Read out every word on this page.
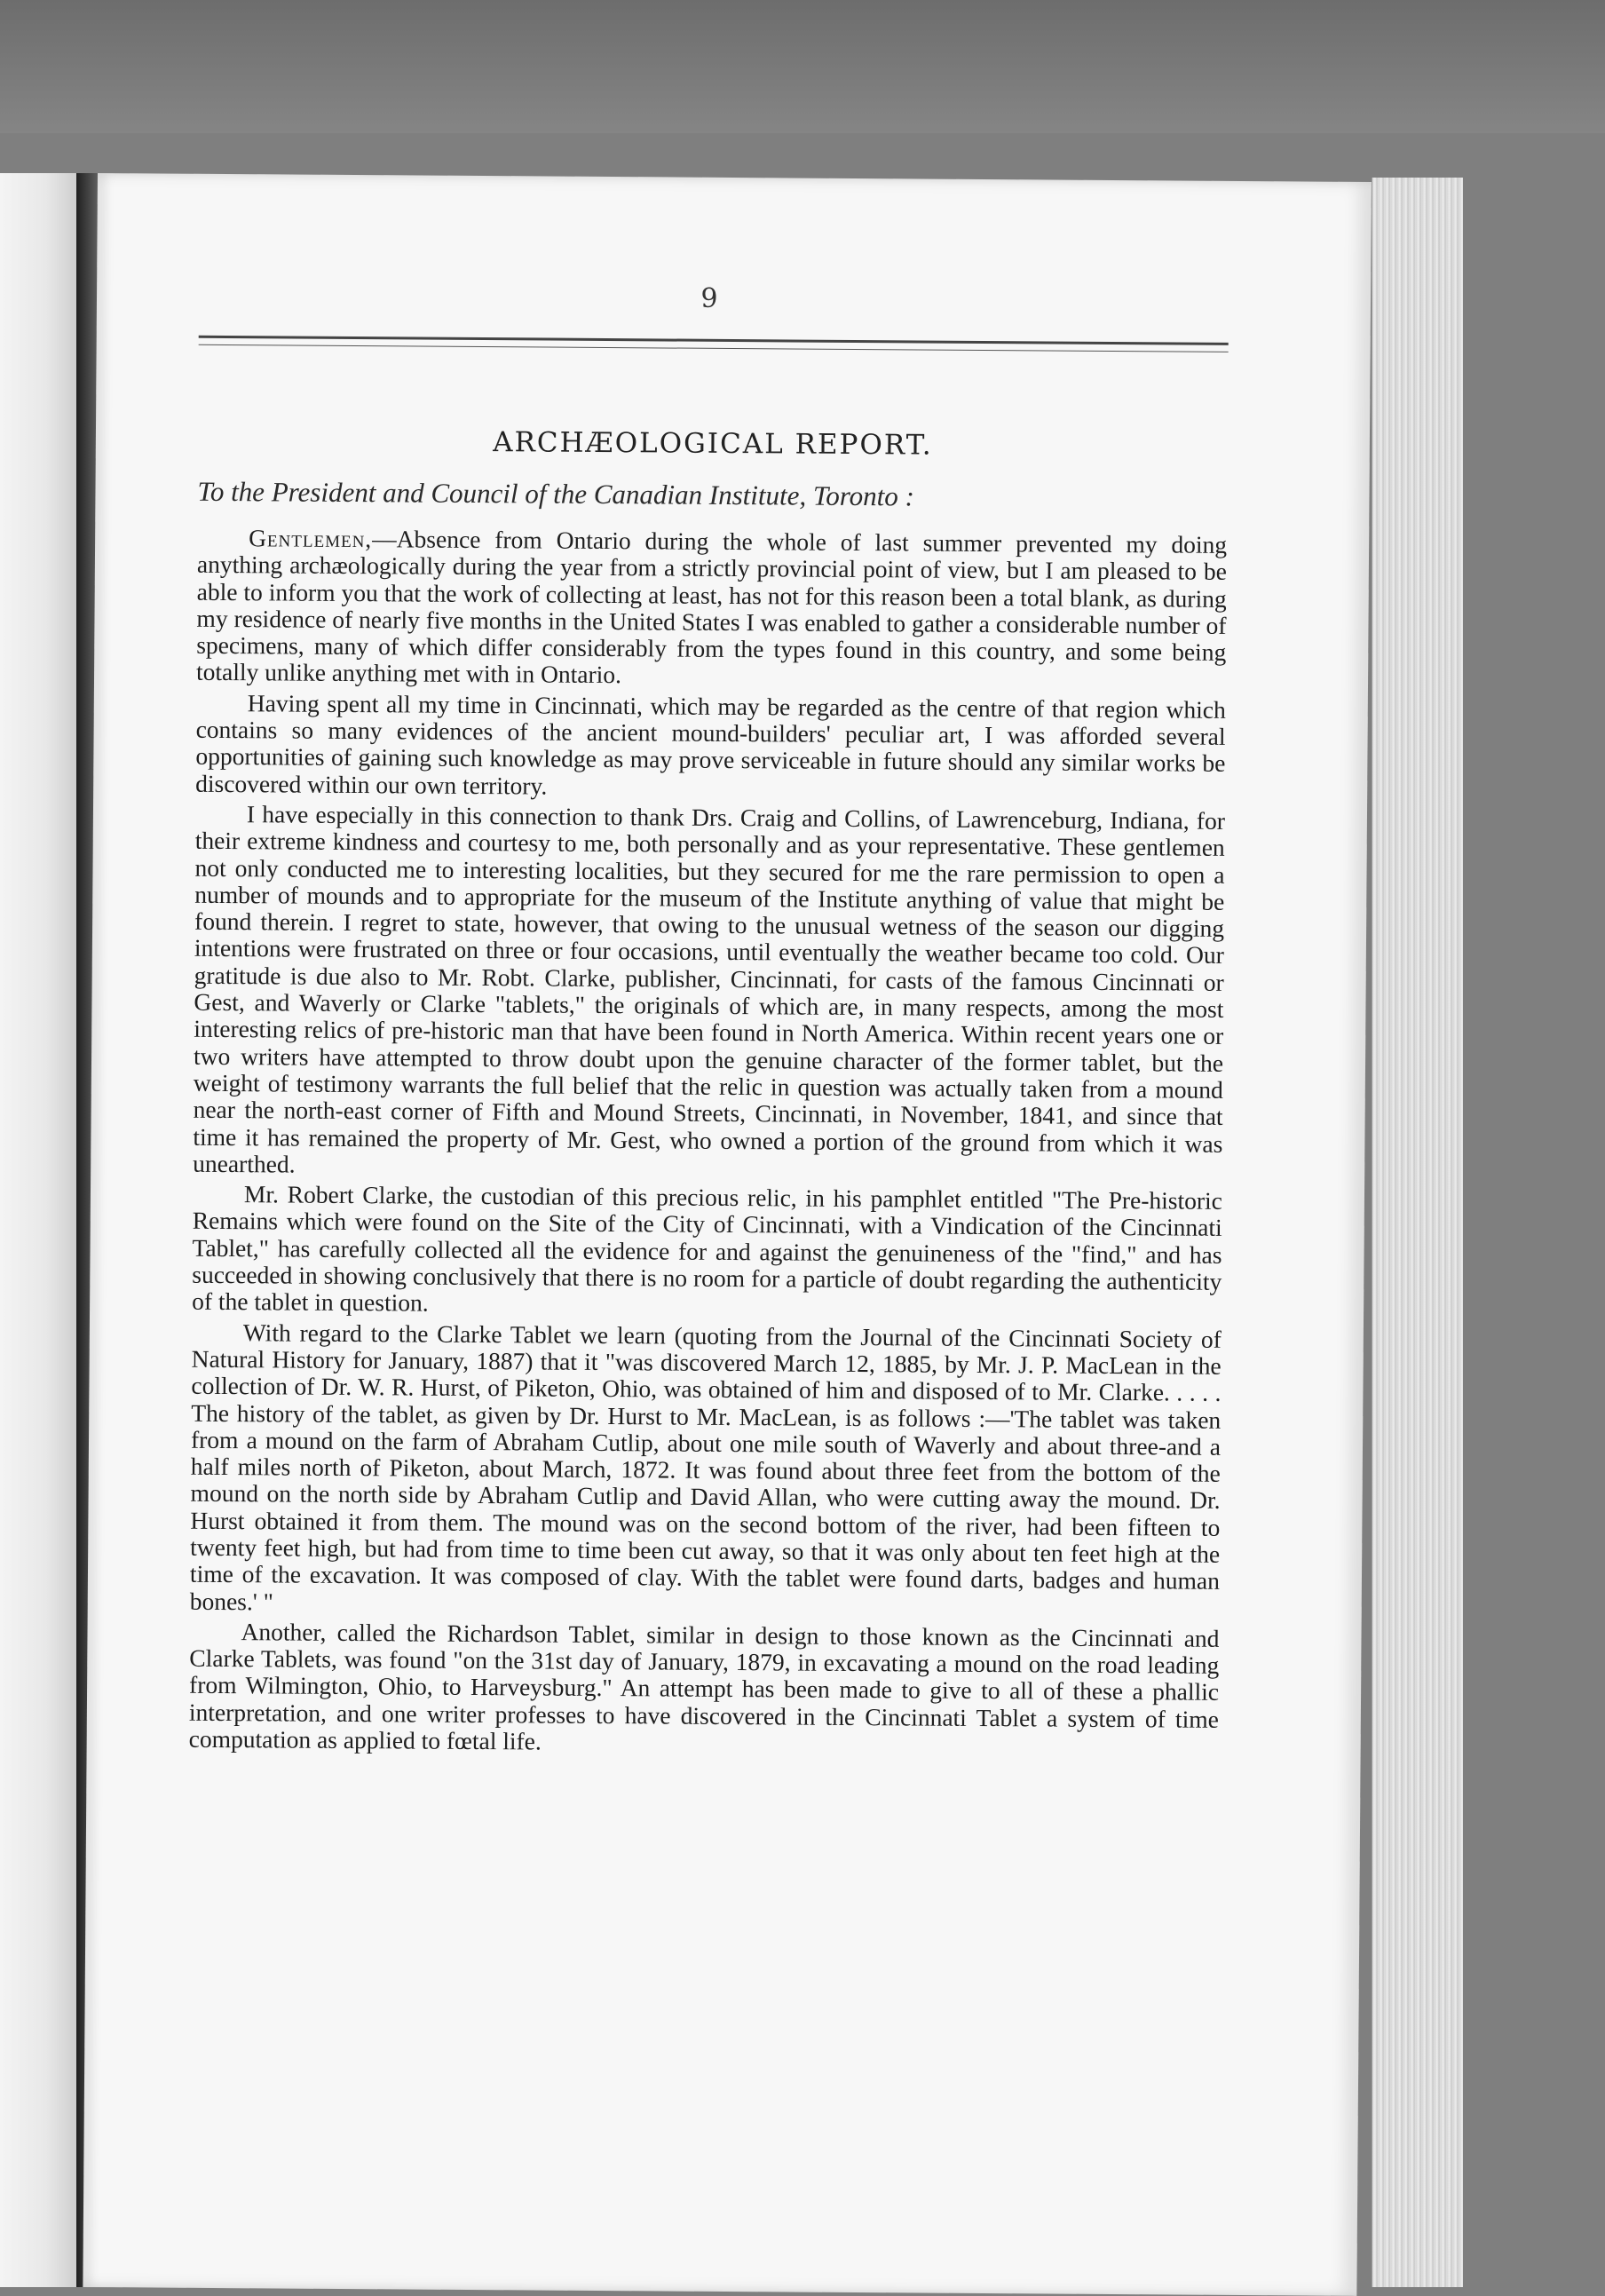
9
ARCHÆOLOGICAL REPORT.

To the President and Council of the Canadian Institute, Toronto :

Gentlemen,—Absence from Ontario during the whole of last summer prevented my doing anything archæologically during the year from a strictly provincial point of view, but I am pleased to be able to inform you that the work of collecting at least, has not for this reason been a total blank, as during my residence of nearly five months in the United States I was enabled to gather a considerable number of specimens, many of which differ considerably from the types found in this country, and some being totally unlike anything met with in Ontario.

Having spent all my time in Cincinnati, which may be regarded as the centre of that region which contains so many evidences of the ancient mound-builders' peculiar art, I was afforded several opportunities of gaining such knowledge as may prove serviceable in future should any similar works be discovered within our own territory.

I have especially in this connection to thank Drs. Craig and Collins, of Lawrenceburg, Indiana, for their extreme kindness and courtesy to me, both personally and as your representative. These gentlemen not only conducted me to interesting localities, but they secured for me the rare permission to open a number of mounds and to appropriate for the museum of the Institute anything of value that might be found therein. I regret to state, however, that owing to the unusual wetness of the season our digging intentions were frustrated on three or four occasions, until eventually the weather became too cold. Our gratitude is due also to Mr. Robt. Clarke, publisher, Cincinnati, for casts of the famous Cincinnati or Gest, and Waverly or Clarke "tablets," the originals of which are, in many respects, among the most interesting relics of pre-historic man that have been found in North America. Within recent years one or two writers have attempted to throw doubt upon the genuine character of the former tablet, but the weight of testimony warrants the full belief that the relic in question was actually taken from a mound near the north-east corner of Fifth and Mound Streets, Cincinnati, in November, 1841, and since that time it has remained the property of Mr. Gest, who owned a portion of the ground from which it was unearthed.

Mr. Robert Clarke, the custodian of this precious relic, in his pamphlet entitled "The Pre-historic Remains which were found on the Site of the City of Cincinnati, with a Vindication of the Cincinnati Tablet," has carefully collected all the evidence for and against the genuineness of the "find," and has succeeded in showing conclusively that there is no room for a particle of doubt regarding the authenticity of the tablet in question.

With regard to the Clarke Tablet we learn (quoting from the Journal of the Cincinnati Society of Natural History for January, 1887) that it "was discovered March 12, 1885, by Mr. J. P. MacLean in the collection of Dr. W. R. Hurst, of Piketon, Ohio, was obtained of him and disposed of to Mr. Clarke. . . . . The history of the tablet, as given by Dr. Hurst to Mr. MacLean, is as follows :—'The tablet was taken from a mound on the farm of Abraham Cutlip, about one mile south of Waverly and about three-and a half miles north of Piketon, about March, 1872. It was found about three feet from the bottom of the mound on the north side by Abraham Cutlip and David Allan, who were cutting away the mound. Dr. Hurst obtained it from them. The mound was on the second bottom of the river, had been fifteen to twenty feet high, but had from time to time been cut away, so that it was only about ten feet high at the time of the excavation. It was composed of clay. With the tablet were found darts, badges and human bones.' "

Another, called the Richardson Tablet, similar in design to those known as the Cincinnati and Clarke Tablets, was found "on the 31st day of January, 1879, in excavating a mound on the road leading from Wilmington, Ohio, to Harveysburg." An attempt has been made to give to all of these a phallic interpretation, and one writer professes to have discovered in the Cincinnati Tablet a system of time computation as applied to fœtal life.
